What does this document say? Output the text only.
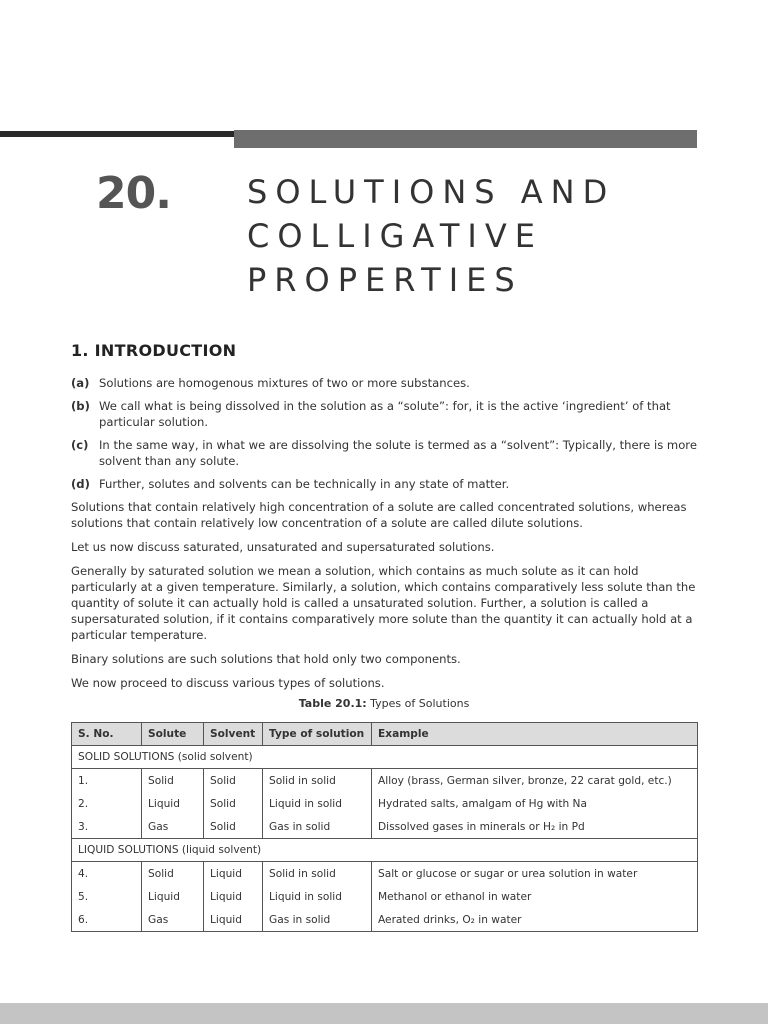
20. SOLUTIONS AND
COLLIGATIVE
PROPERTIES
1. INTRODUCTION
(a) Solutions are homogenous mixtures of two or more substances.
(b) We call what is being dissolved in the solution as a “solute”: for, it is the active ‘ingredient’ of that particular solution.
(c) In the same way, in what we are dissolving the solute is termed as a “solvent”: Typically, there is more solvent than any solute.
(d) Further, solutes and solvents can be technically in any state of matter.

Solutions that contain relatively high concentration of a solute are called concentrated solutions, whereas solutions that contain relatively low concentration of a solute are called dilute solutions.

Let us now discuss saturated, unsaturated and supersaturated solutions.

Generally by saturated solution we mean a solution, which contains as much solute as it can hold particularly at a given temperature. Similarly, a solution, which contains comparatively less solute than the quantity of solute it can actually hold is called a unsaturated solution. Further, a solution is called a supersaturated solution, if it contains comparatively more solute than the quantity it can actually hold at a particular temperature.

Binary solutions are such solutions that hold only two components.

We now proceed to discuss various types of solutions.

Table 20.1: Types of Solutions
S. No.	Solute	Solvent	Type of solution	Example
SOLID SOLUTIONS (solid solvent)				
1.	Solid	Solid	Solid in solid	Alloy (brass, German silver, bronze, 22 carat gold, etc.)
2.	Liquid	Solid	Liquid in solid	Hydrated salts, amalgam of Hg with Na
3.	Gas	Solid	Gas in solid	Dissolved gases in minerals or H₂ in Pd
LIQUID SOLUTIONS (liquid solvent)				
4.	Solid	Liquid	Solid in solid	Salt or glucose or sugar or urea solution in water
5.	Liquid	Liquid	Liquid in solid	Methanol or ethanol in water
6.	Gas	Liquid	Gas in solid	Aerated drinks, O₂ in water
